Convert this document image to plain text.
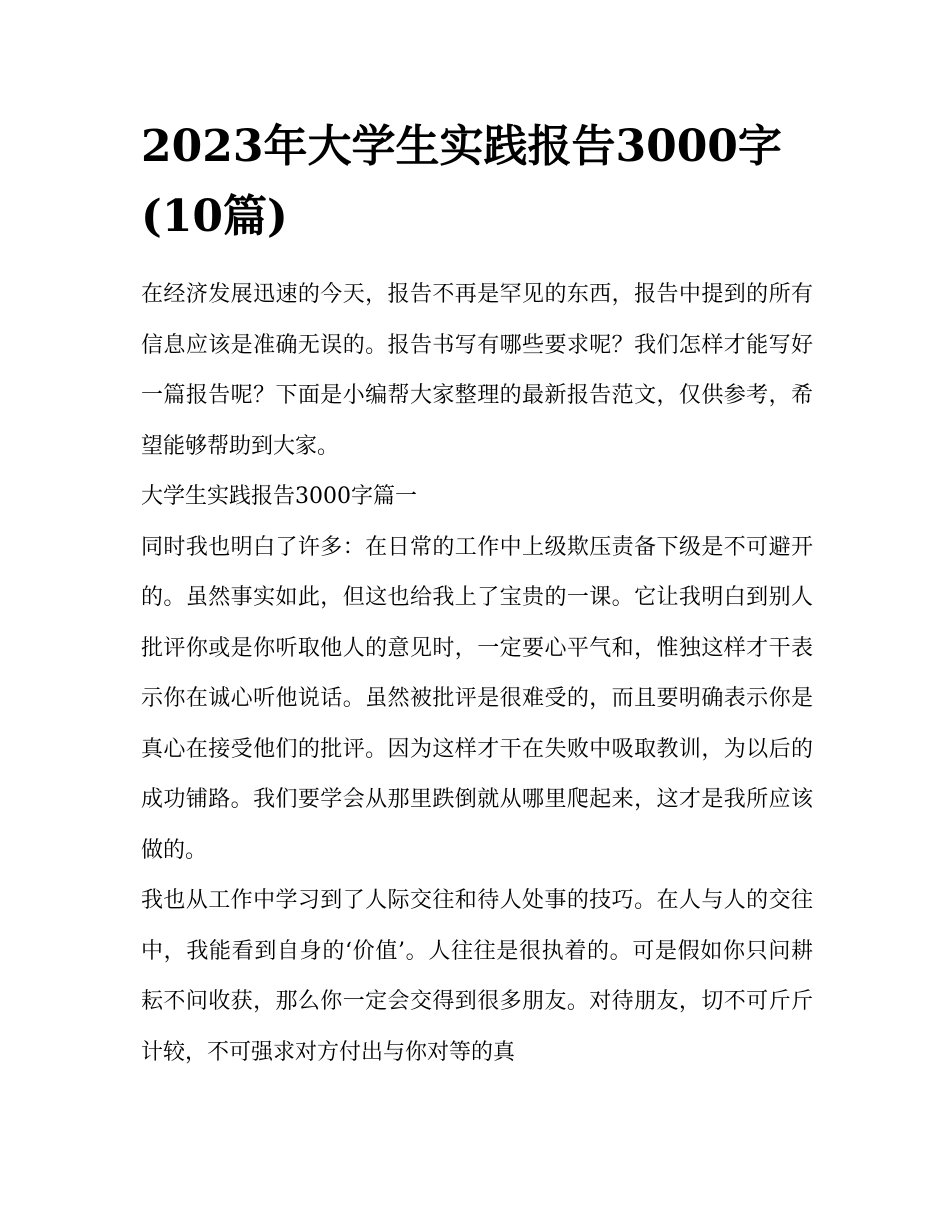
2023年大学生实践报告3000字(10篇)

在经济发展迅速的今天，报告不再是罕见的东西，报告中提到的所有信息应该是准确无误的。报告书写有哪些要求呢？我们怎样才能写好一篇报告呢？下面是小编帮大家整理的最新报告范文，仅供参考，希望能够帮助到大家。

大学生实践报告3000字篇一

同时我也明白了许多：在日常的工作中上级欺压责备下级是不可避开的。虽然事实如此，但这也给我上了宝贵的一课。它让我明白到别人批评你或是你听取他人的意见时，一定要心平气和，惟独这样才干表示你在诚心听他说话。虽然被批评是很难受的，而且要明确表示你是真心在接受他们的批评。因为这样才干在失败中吸取教训，为以后的成功铺路。我们要学会从那里跌倒就从哪里爬起来，这才是我所应该做的。

我也从工作中学习到了人际交往和待人处事的技巧。在人与人的交往中，我能看到自身的‘价值’。人往往是很执着的。可是假如你只问耕耘不问收获，那么你一定会交得到很多朋友。对待朋友，切不可斤斤计较，不可强求对方付出与你对等的真
